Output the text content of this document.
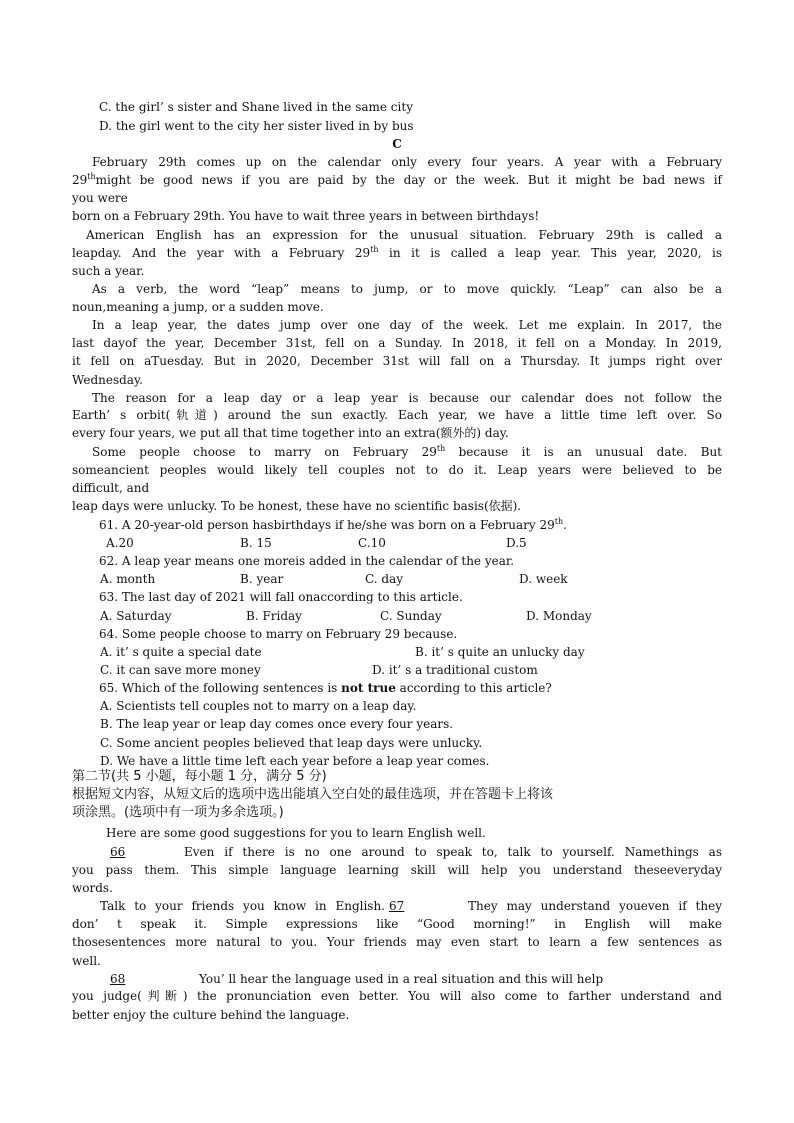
C. the girl’ s sister and Shane lived in the same city
D. the girl went to the city her sister lived in by bus
C
February 29th comes up on the calendar only every four years. A year with a February
29thmight be good news if you are paid by the day or the week. But it might be bad news if
you were
born on a February 29th. You have to wait three years in between birthdays!
American English has an expression for the unusual situation. February 29th is called a
leapday. And the year with a February 29th in it is called a leap year. This year, 2020, is
such a year.
As a verb, the word “leap” means to jump, or to move quickly. “Leap” can also be a
noun,meaning a jump, or a sudden move.
In a leap year, the dates jump over one day of the week. Let me explain. In 2017, the
last dayof the year, December 31st, fell on a Sunday. In 2018, it fell on a Monday. In 2019,
it fell on aTuesday. But in 2020, December 31st will fall on a Thursday. It jumps right over
Wednesday.
The reason for a leap day or a leap year is because our calendar does not follow the
Earth’ s orbit(轨道) around the sun exactly. Each year, we have a little time left over. So
every four years, we put all that time together into an extra(额外的) day.
Some people choose to marry on February 29th because it is an unusual date. But
someancient peoples would likely tell couples not to do it. Leap years were believed to be
difficult, and
leap days were unlucky. To be honest, these have no scientific basis(依据).
61. A 20-year-old person hasbirthdays if he/she was born on a February 29th.
A.20	B. 15	C.10	D.5
62. A leap year means one moreis added in the calendar of the year.
A. month	B. year	C. day	D. week
63. The last day of 2021 will fall onaccording to this article.
A. Saturday	B. Friday	C. Sunday	D. Monday
64. Some people choose to marry on February 29 because.
A. it’ s quite a special date	B. it’ s quite an unlucky day
C. it can save more money	D. it’ s a traditional custom
65. Which of the following sentences is not true according to this article?
A. Scientists tell couples not to marry on a leap day.
B. The leap year or leap day comes once every four years.
C. Some ancient peoples believed that leap days were unlucky.
D. We have a little time left each year before a leap year comes.
第二节(共 5 小题，每小题 1 分，满分 5 分)
根据短文内容，从短文后的选项中选出能填入空白处的最佳选项，并在答题卡上将该
项涂黑。(选项中有一项为多余选项。)
Here are some good suggestions for you to learn English well.
66	Even if there is no one around to speak to, talk to yourself. Namethings as
you pass them. This simple language learning skill will help you understand theseeveryday
words.
Talk to your friends you know in English. 67	They may understand youeven if they
don’ t speak it. Simple expressions like “Good morning!” in English will make
thosesentences more natural to you. Your friends may even start to learn a few sentences as
well.
68	You’ ll hear the language used in a real situation and this will help
you judge(判断) the pronunciation even better. You will also come to farther understand and
better enjoy the culture behind the language.
